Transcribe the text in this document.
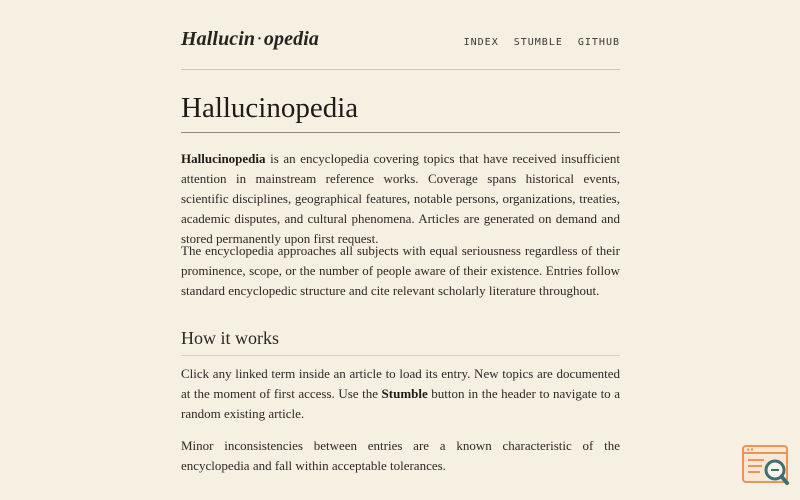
Hallucin·opedia	INDEX STUMBLE GITHUB
Hallucinopedia

Hallucinopedia is an encyclopedia covering topics that have received insufficient attention in mainstream reference works. Coverage spans historical events, scientific disciplines, geographical features, notable persons, organizations, treaties, academic disputes, and cultural phenomena. Articles are generated on demand and stored permanently upon first request.

The encyclopedia approaches all subjects with equal seriousness regardless of their prominence, scope, or the number of people aware of their existence. Entries follow standard encyclopedic structure and cite relevant scholarly literature throughout.

How it works

Click any linked term inside an article to load its entry. New topics are documented at the moment of first access. Use the Stumble button in the header to navigate to a random existing article.

Minor inconsistencies between entries are a known characteristic of the encyclopedia and fall within acceptable tolerances.
